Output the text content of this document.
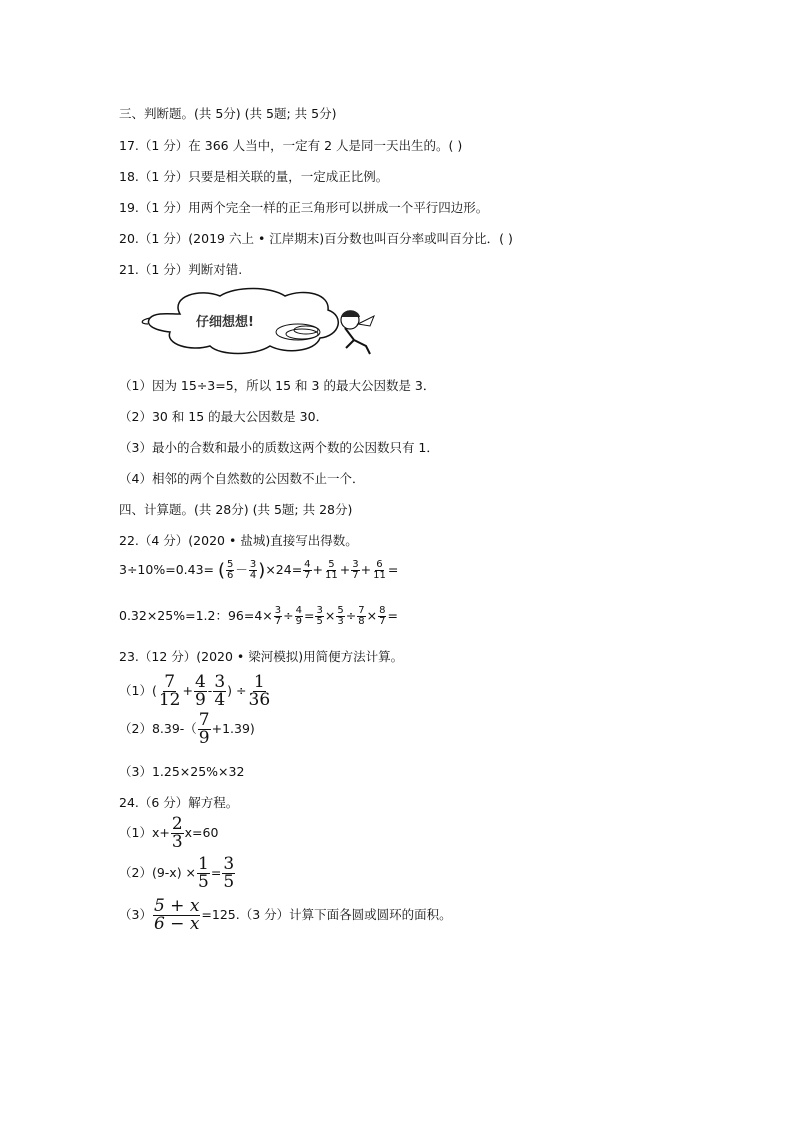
三、判断题。(共 5分) (共 5题; 共 5分)
17.（1 分）在 366 人当中，一定有 2 人是同一天出生的。( )
18.（1 分）只要是相关联的量，一定成正比例。
19.（1 分）用两个完全一样的正三角形可以拼成一个平行四边形。
20.（1 分）(2019 六上 • 江岸期末)百分数也叫百分率或叫百分比．( )
21.（1 分）判断对错.
仔细想想!
（1）因为 15÷3=5，所以 15 和 3 的最大公因数是 3．
（2）30 和 15 的最大公因数是 30．
（3）最小的合数和最小的质数这两个数的公因数只有 1．
（4）相邻的两个自然数的公因数不止一个．
四、计算题。(共 28分) (共 5题; 共 28分)
22.（4 分）(2020 • 盐城)直接写出得数。
3÷10%=0.43= ( $\frac{5}{6} - \frac{3}{4} )\times 24= \frac{4}{7} + \frac{5}{11} + \frac{3}{7} + \frac{6}{11}$ =
0.32×25%=1.2：$96=4\times \frac{3}{7} \div \frac{4}{9} = \frac{3}{5} \times \frac{5}{3} \div \frac{7}{8} \times \frac{8}{7}$ =
23.（12 分）(2020 • 梁河模拟)用简便方法计算。
$(1)( \frac{7}{12} + \frac{4}{9} - \frac{3}{4}$ ) ÷ $\frac{1}{36}$
$(2)8.39-( \frac{7}{9} +1.39)$
（3）1.25×25%×32
24.（6 分）解方程。
$(1)x+ \frac{2}{3} x=60$
$(2)(9-x) \times \frac{1}{5} = \frac{3}{5}$
$(3) \frac{5 + x}{6 - x} =125.(3$ 分）计算下面各圆或圆环的面积。
